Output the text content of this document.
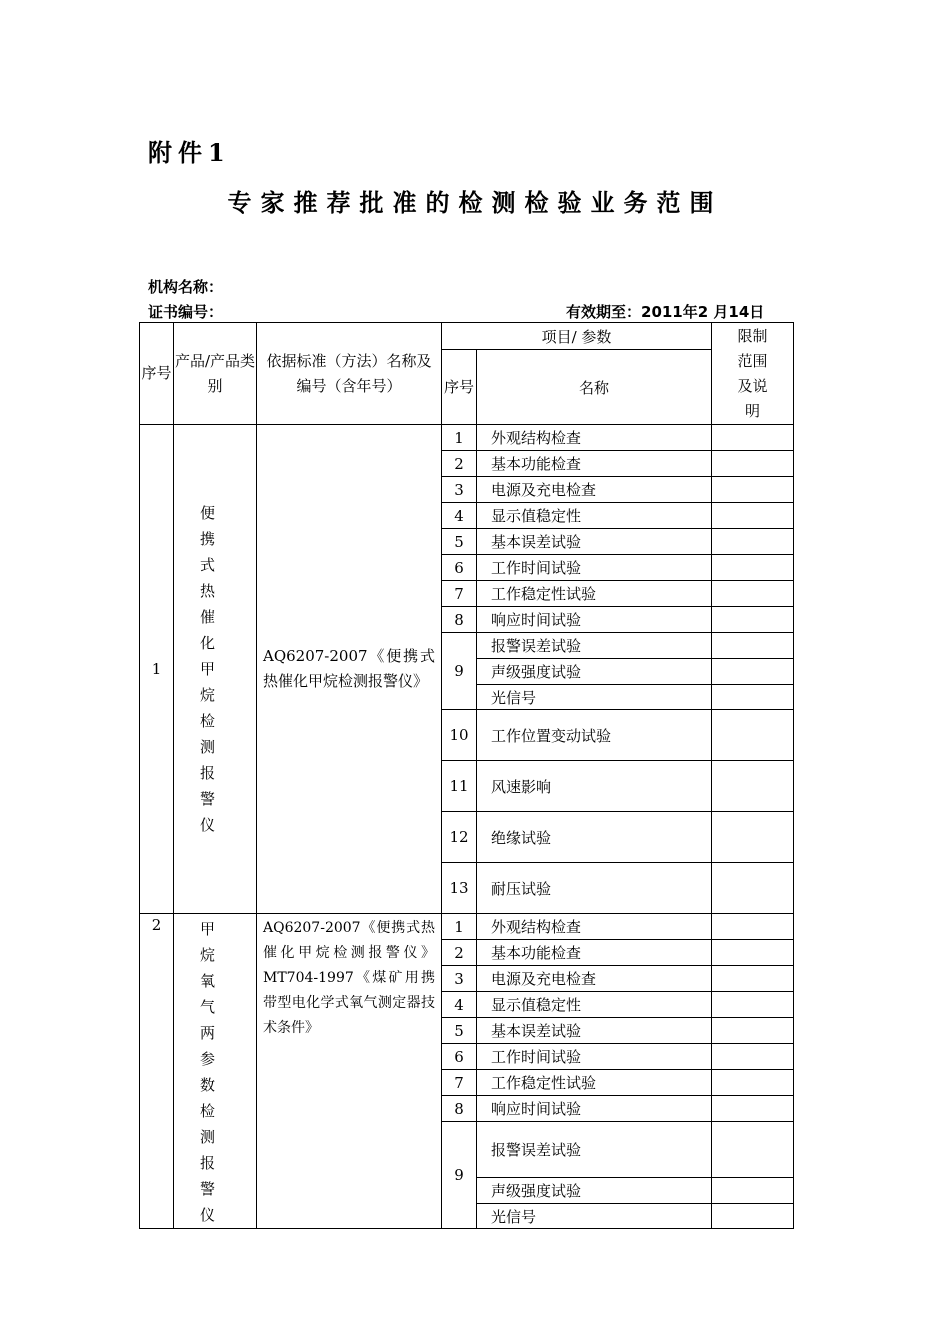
附件1
专家推荐批准的检测检验业务范围
机构名称：
证书编号：	有效期至：2011年2 月14日
序号	产品/产品类别	依据标准（方法）名称及编号（含年号）	项目/ 参数		限制范围及说明
			序号	名称	
1	便携式热催化甲烷检测报警仪	AQ6207-2007《便携式热催化甲烷检测报警仪》	1	外观结构检查	
			2	基本功能检查	
			3	电源及充电检查	
			4	显示值稳定性	
			5	基本误差试验	
			6	工作时间试验	
			7	工作稳定性试验	
			8	响应时间试验	
			9	报警误差试验	
				声级强度试验	
				光信号	
			10	工作位置变动试验	
			11	风速影响	
			12	绝缘试验	
			13	耐压试验	
2	甲烷氧气两参数检测报警仪	AQ6207-2007《便携式热催化甲烷检测报警仪》MT704-1997《煤矿用携带型电化学式氧气测定器技术条件》	1	外观结构检查	
			2	基本功能检查	
			3	电源及充电检查	
			4	显示值稳定性	
			5	基本误差试验	
			6	工作时间试验	
			7	工作稳定性试验	
			8	响应时间试验	
			9	报警误差试验	
				声级强度试验	
				光信号	
